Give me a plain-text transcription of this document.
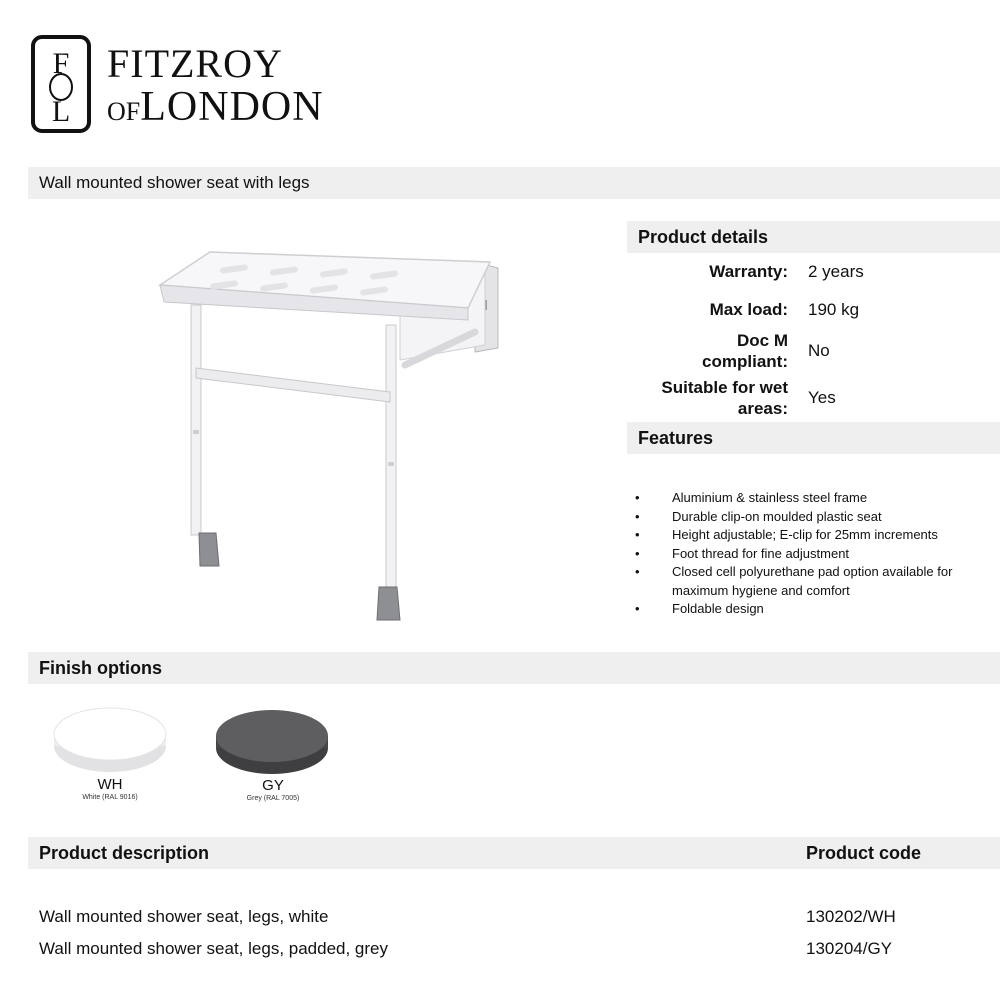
F
L
FITZROY
OFLONDON
Wall mounted shower seat with legs
Product details
Warranty: 2 years
Max load: 190 kg
Doc M
compliant:
No
Suitable for wet
areas:
Yes
Features
• Aluminium & stainless steel frame
• Durable clip-on moulded plastic seat
• Height adjustable; E-clip for 25mm increments
• Foot thread for fine adjustment
• Closed cell polyurethane pad option available for maximum hygiene and comfort
• Foldable design
Finish options
WH
White (RAL 9016)
GY
Grey (RAL 7005)
Product description	Product code
Wall mounted shower seat, legs, white	130202/WH
Wall mounted shower seat, legs, padded, grey	130204/GY
